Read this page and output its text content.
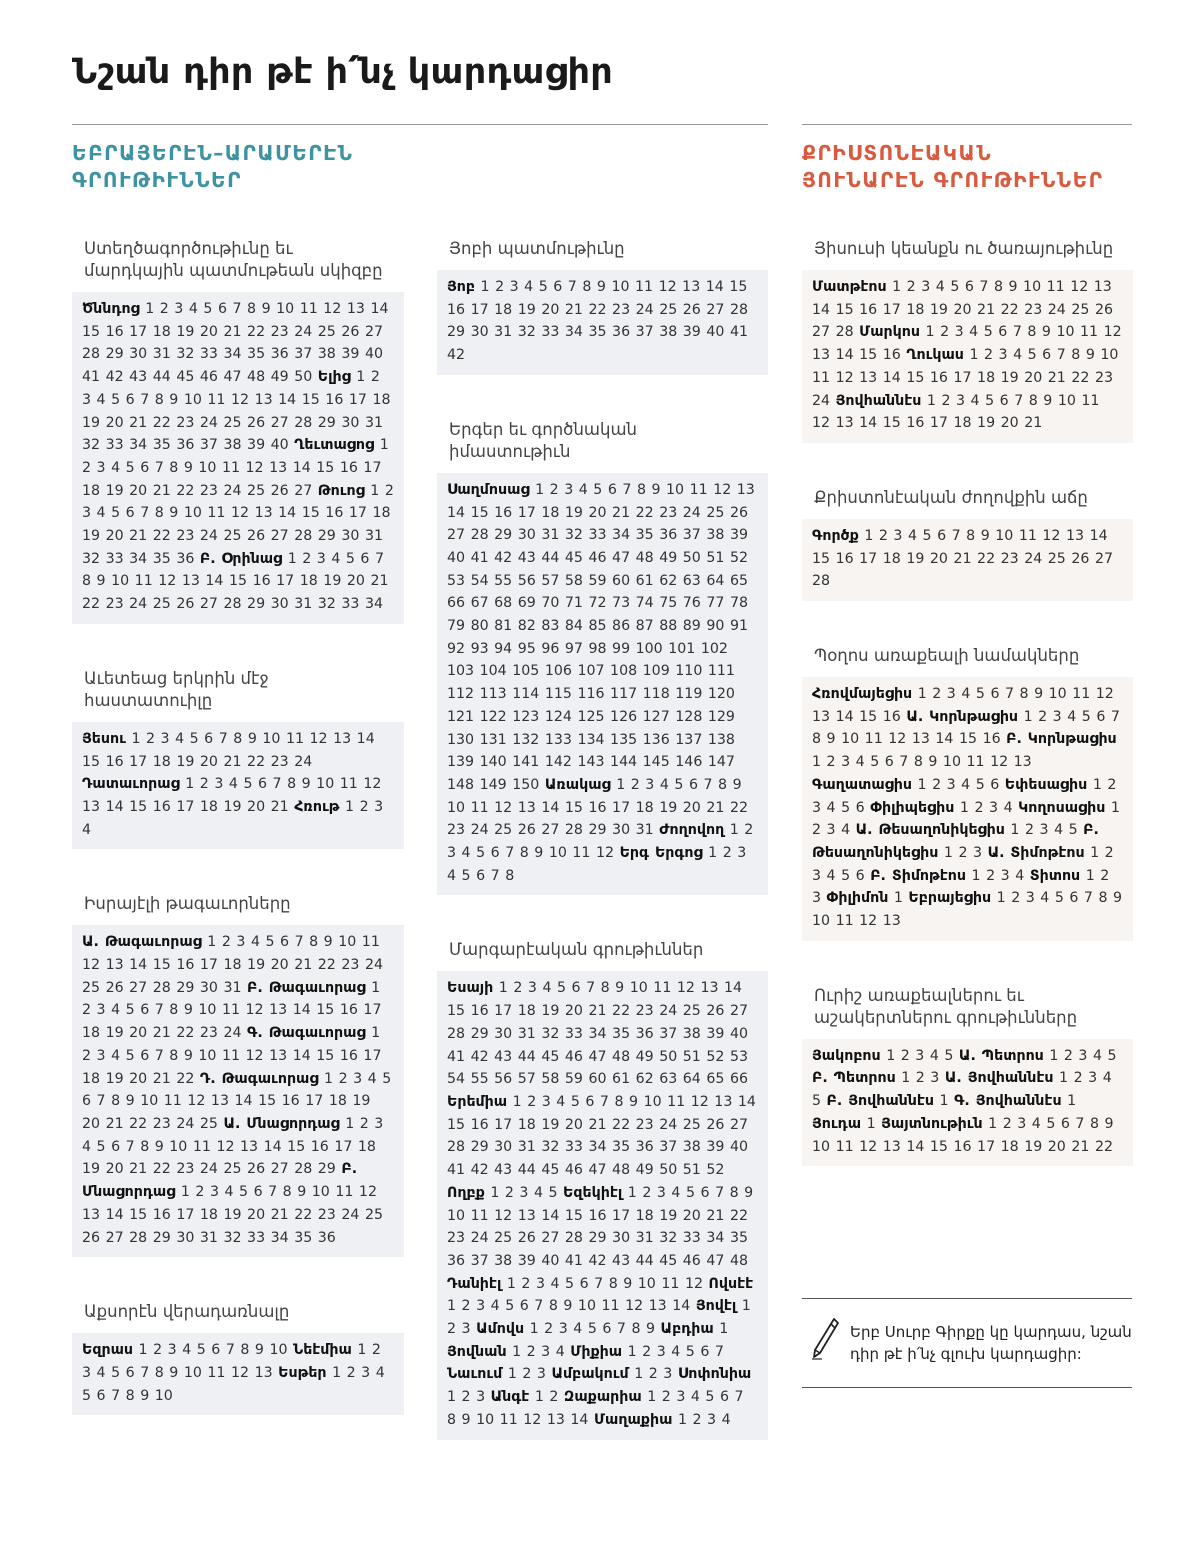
Նշան դիր թէ ի՛նչ կարդացիր
ԵԲՐԱՅԵՐԷՆ–ԱՐԱՄԵՐԷՆ
ԳՐՈՒԹԻՒՆՆԵՐ
ՔՐԻՍՏՈՆԷԱԿԱՆ
ՅՈՒՆԱՐԷՆ ԳՐՈՒԹԻՒՆՆԵՐ
Ստեղծագործութիւնը եւ մարդկային պատմութեան սկիզբը
Ծննդոց 1 2 3 4 5 6 7 8 9 10 11 12 13 14 15 16 17 18 19 20 21 22 23 24 25 26 27 28 29 30 31 32 33 34 35 36 37 38 39 40 41 42 43 44 45 46 47 48 49 50 Ելից 1 2 3 4 5 6 7 8 9 10 11 12 13 14 15 16 17 18 19 20 21 22 23 24 25 26 27 28 29 30 31 32 33 34 35 36 37 38 39 40 Ղեւտացոց 1 2 3 4 5 6 7 8 9 10 11 12 13 14 15 16 17 18 19 20 21 22 23 24 25 26 27 Թուոց 1 2 3 4 5 6 7 8 9 10 11 12 13 14 15 16 17 18 19 20 21 22 23 24 25 26 27 28 29 30 31 32 33 34 35 36 Բ. Օրինաց 1 2 3 4 5 6 7 8 9 10 11 12 13 14 15 16 17 18 19 20 21 22 23 24 25 26 27 28 29 30 31 32 33 34
Աւետեաց երկրին մէջ հաստատուիլը
Յեսու 1 2 3 4 5 6 7 8 9 10 11 12 13 14 15 16 17 18 19 20 21 22 23 24 Դատաւորաց 1 2 3 4 5 6 7 8 9 10 11 12 13 14 15 16 17 18 19 20 21 Հռութ 1 2 3 4
Իսրայէլի թագաւորները
Ա. Թագաւորաց 1 2 3 4 5 6 7 8 9 10 11 12 13 14 15 16 17 18 19 20 21 22 23 24 25 26 27 28 29 30 31 Բ. Թագաւորաց 1 2 3 4 5 6 7 8 9 10 11 12 13 14 15 16 17 18 19 20 21 22 23 24 Գ. Թագաւորաց 1 2 3 4 5 6 7 8 9 10 11 12 13 14 15 16 17 18 19 20 21 22 Դ. Թագաւորաց 1 2 3 4 5 6 7 8 9 10 11 12 13 14 15 16 17 18 19 20 21 22 23 24 25 Ա. Մնացորդաց 1 2 3 4 5 6 7 8 9 10 11 12 13 14 15 16 17 18 19 20 21 22 23 24 25 26 27 28 29 Բ. Մնացորդաց 1 2 3 4 5 6 7 8 9 10 11 12 13 14 15 16 17 18 19 20 21 22 23 24 25 26 27 28 29 30 31 32 33 34 35 36
Աքսորէն վերադառնալը
Եզրաս 1 2 3 4 5 6 7 8 9 10 Նեէմիա 1 2 3 4 5 6 7 8 9 10 11 12 13 Եսթեր 1 2 3 4 5 6 7 8 9 10
Յոբի պատմութիւնը
Յոբ 1 2 3 4 5 6 7 8 9 10 11 12 13 14 15 16 17 18 19 20 21 22 23 24 25 26 27 28 29 30 31 32 33 34 35 36 37 38 39 40 41 42
Երգեր եւ գործնական իմաստութիւն
Սաղմոսաց 1 2 3 4 5 6 7 8 9 10 11 12 13 14 15 16 17 18 19 20 21 22 23 24 25 26 27 28 29 30 31 32 33 34 35 36 37 38 39 40 41 42 43 44 45 46 47 48 49 50 51 52 53 54 55 56 57 58 59 60 61 62 63 64 65 66 67 68 69 70 71 72 73 74 75 76 77 78 79 80 81 82 83 84 85 86 87 88 89 90 91 92 93 94 95 96 97 98 99 100 101 102 103 104 105 106 107 108 109 110 111 112 113 114 115 116 117 118 119 120 121 122 123 124 125 126 127 128 129 130 131 132 133 134 135 136 137 138 139 140 141 142 143 144 145 146 147 148 149 150 Առակաց 1 2 3 4 5 6 7 8 9 10 11 12 13 14 15 16 17 18 19 20 21 22 23 24 25 26 27 28 29 30 31 Ժողովող 1 2 3 4 5 6 7 8 9 10 11 12 Երգ Երգոց 1 2 3 4 5 6 7 8
Մարգարէական գրութիւններ
Եսայի 1 2 3 4 5 6 7 8 9 10 11 12 13 14 15 16 17 18 19 20 21 22 23 24 25 26 27 28 29 30 31 32 33 34 35 36 37 38 39 40 41 42 43 44 45 46 47 48 49 50 51 52 53 54 55 56 57 58 59 60 61 62 63 64 65 66 Երեմիա 1 2 3 4 5 6 7 8 9 10 11 12 13 14 15 16 17 18 19 20 21 22 23 24 25 26 27 28 29 30 31 32 33 34 35 36 37 38 39 40 41 42 43 44 45 46 47 48 49 50 51 52 Ողբք 1 2 3 4 5 Եզեկիէլ 1 2 3 4 5 6 7 8 9 10 11 12 13 14 15 16 17 18 19 20 21 22 23 24 25 26 27 28 29 30 31 32 33 34 35 36 37 38 39 40 41 42 43 44 45 46 47 48 Դանիէլ 1 2 3 4 5 6 7 8 9 10 11 12 Ովսէէ 1 2 3 4 5 6 7 8 9 10 11 12 13 14 Յովէլ 1 2 3 Ամովս 1 2 3 4 5 6 7 8 9 Աբդիա 1 Յովնան 1 2 3 4 Միքիա 1 2 3 4 5 6 7 Նաւում 1 2 3 Ամբակում 1 2 3 Սոփոնիա 1 2 3 Անգէ 1 2 Զաքարիա 1 2 3 4 5 6 7 8 9 10 11 12 13 14 Մաղաքիա 1 2 3 4
Յիսուսի կեանքն ու ծառայութիւնը
Մատթէոս 1 2 3 4 5 6 7 8 9 10 11 12 13 14 15 16 17 18 19 20 21 22 23 24 25 26 27 28 Մարկոս 1 2 3 4 5 6 7 8 9 10 11 12 13 14 15 16 Ղուկաս 1 2 3 4 5 6 7 8 9 10 11 12 13 14 15 16 17 18 19 20 21 22 23 24 Յովհաննէս 1 2 3 4 5 6 7 8 9 10 11 12 13 14 15 16 17 18 19 20 21
Քրիստոնէական ժողովքին աճը
Գործք 1 2 3 4 5 6 7 8 9 10 11 12 13 14 15 16 17 18 19 20 21 22 23 24 25 26 27 28
Պօղոս առաքեալի նամակները
Հռովմայեցիս 1 2 3 4 5 6 7 8 9 10 11 12 13 14 15 16 Ա. Կորնթացիս 1 2 3 4 5 6 7 8 9 10 11 12 13 14 15 16 Բ. Կորնթացիս 1 2 3 4 5 6 7 8 9 10 11 12 13 Գաղատացիս 1 2 3 4 5 6 Եփեսացիս 1 2 3 4 5 6 Փիլիպեցիս 1 2 3 4 Կողոսացիս 1 2 3 4 Ա. Թեսաղոնիկեցիս 1 2 3 4 5 Բ. Թեսաղոնիկեցիս 1 2 3 Ա. Տիմոթէոս 1 2 3 4 5 6 Բ. Տիմոթէոս 1 2 3 4 Տիտոս 1 2 3 Փիլիմոն 1 Եբրայեցիս 1 2 3 4 5 6 7 8 9 10 11 12 13
Ուրիշ առաքեալներու եւ աշակերտներու գրութիւնները
Յակոբոս 1 2 3 4 5 Ա. Պետրոս 1 2 3 4 5 Բ. Պետրոս 1 2 3 Ա. Յովհաննէս 1 2 3 4 5 Բ. Յովհաննէս 1 Գ. Յովհաննէս 1 Յուդա 1 Յայտնութիւն 1 2 3 4 5 6 7 8 9 10 11 12 13 14 15 16 17 18 19 20 21 22
Երբ Սուրբ Գիրքը կը կարդաս, նշան դիր թէ ի՛նչ գլուխ կարդացիր:
